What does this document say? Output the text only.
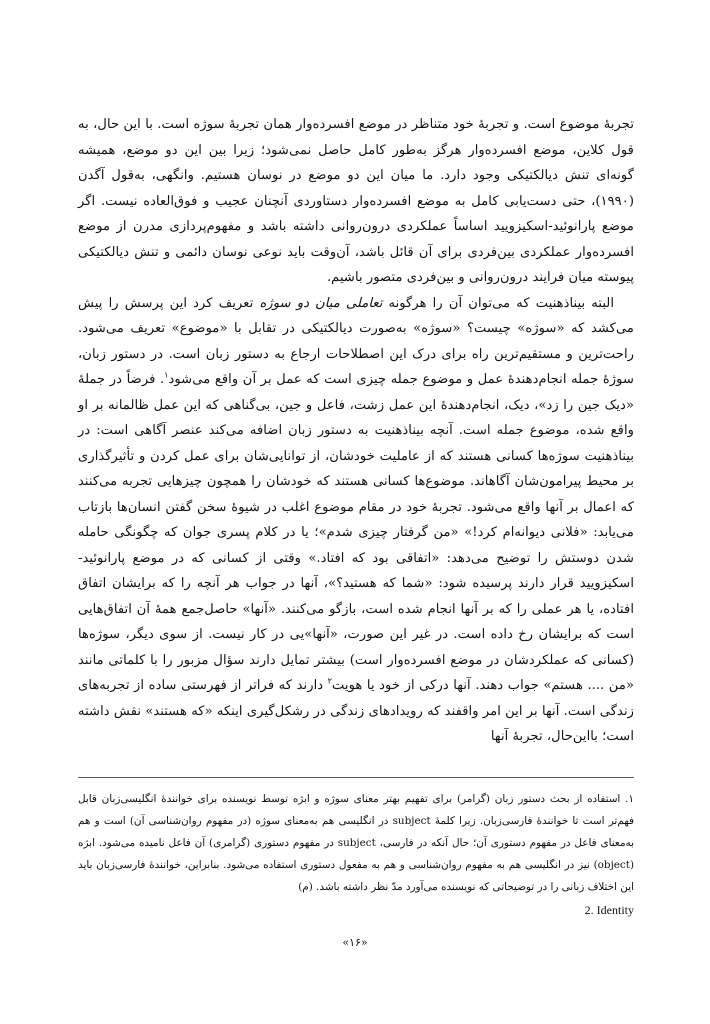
تجربهٔ موضوع است. و تجربهٔ خود متناظر در موضع افسرده‌وار همان تجربهٔ سوژه است. با این حال، به قول کلاین، موضع افسرده‌وار هرگز به‌طور کامل حاصل نمی‌شود؛ زیرا بین این دو موضع، همیشه گونه‌ای تنش دیالکتیکی وجود دارد. ما میان این دو موضع در نوسان هستیم. وانگهی، به‌قول آگدن (۱۹۹۰)، حتی دست‌یابی کامل به موضع افسرده‌وار دستاوردی آنچنان عجیب و فوق‌العاده نیست. اگر موضع پارانوئید-اسکیزویید اساساً عملکردی درون‌روانی داشته باشد و مفهوم‌پردازی مدرن از موضع افسرده‌وار عملکردی بین‌فردی برای آن قائل باشد، آن‌وقت باید نوعی نوسان دائمی و تنش دیالکتیکی پیوسته میان فرایند درون‌روانی و بین‌فردی متصور باشیم.

البته بیناذهنیت که می‌توان آن را هرگونه تعاملی میان دو سوژه تعریف کرد این پرسش را پیش می‌کشد که «سوژه» چیست؟ «سوژه» به‌صورت دیالکتیکی در تقابل با «موضوع» تعریف می‌شود. راحت‌ترین و مستقیم‌ترین راه برای درک این اصطلاحات ارجاع به دستور زبان است. در دستور زبان، سوژهٔ جمله انجام‌دهندهٔ عمل و موضوع جمله چیزی است که عمل بر آن واقع می‌شود$^۱$. فرضاً در جملهٔ «دیک جین را زد»، دیک، انجام‌دهندهٔ این عمل زشت، فاعل و جین، بی‌گناهی که این عمل ظالمانه بر او واقع شده، موضوع جمله است. آنچه بیناذهنیت به دستور زبان اضافه می‌کند عنصر آگاهی است: در بیناذهنیت سوژه‌ها کسانی هستند که از عاملیت خودشان، از توانایی‌شان برای عمل کردن و تأثیرگذاری بر محیط پیرامون‌شان آگاهاند. موضوع‌ها کسانی هستند که خودشان را همچون چیزهایی تجربه می‌کنند که اعمال بر آنها واقع می‌شود. تجربهٔ خود در مقام موضوع اغلب در شیوهٔ سخن گفتن انسان‌ها بازتاب می‌یابد: «فلانی دیوانه‌ام کرد!» «من گرفتار چیزی شدم»؛ یا در کلام پسری جوان که چگونگی حامله شدن دوستش را توضیح می‌دهد: «اتفاقی بود که افتاد.» وقتی از کسانی که در موضع پارانوئید-اسکیزویید قرار دارند پرسیده شود: «شما که هستید؟»، آنها در جواب هر آنچه را که برایشان اتفاق افتاده، یا هر عملی را که بر آنها انجام شده است، بازگو می‌کنند. «آنها» حاصل‌جمع همهٔ آن اتفاق‌هایی است که برایشان رخ داده است. در غیر این صورت، «آنها»یی در کار نیست. از سوی دیگر، سوژه‌ها (کسانی که عملکردشان در موضع افسرده‌وار است) بیشتر تمایل دارند سؤال مزبور را با کلماتی مانند «من .... هستم» جواب دهند. آنها درکی از خود یا هویت$^۲$ دارند که فراتر از فهرستی ساده از تجربه‌های زندگی است. آنها بر این امر واقفند که رویدادهای زندگی در رشکل‌گیری اینکه «که هستند» نقش داشته است؛ بااین‌حال، تجربهٔ آنها

۱. استفاده از بحث دستور زبان (گرامر) برای تفهیم بهتر معنای سوژه و ابژه توسط نویسنده برای خوانندهٔ انگلیسی‌زبان قابل فهم‌تر است تا خوانندهٔ فارسی‌زبان. زیرا کلمهٔ subject در انگلیسی هم به‌معنای سوژه (در مفهوم روان‌شناسی آن) است و هم به‌معنای فاعل در مفهوم دستوری آن؛ حال آنکه در فارسی، subject در مفهوم دستوری (گرامری) آن فاعل نامیده می‌شود. ابژه (object) نیز در انگلیسی هم به مفهوم روان‌شناسی و هم به مفعول دستوری استفاده می‌شود. بنابراین، خوانندهٔ فارسی‌زبان باید این اختلاف زبانی را در توضیحاتی که نویسنده می‌آورد مدّ نظر داشته باشد. (م)

2. Identity

«۱۶»
